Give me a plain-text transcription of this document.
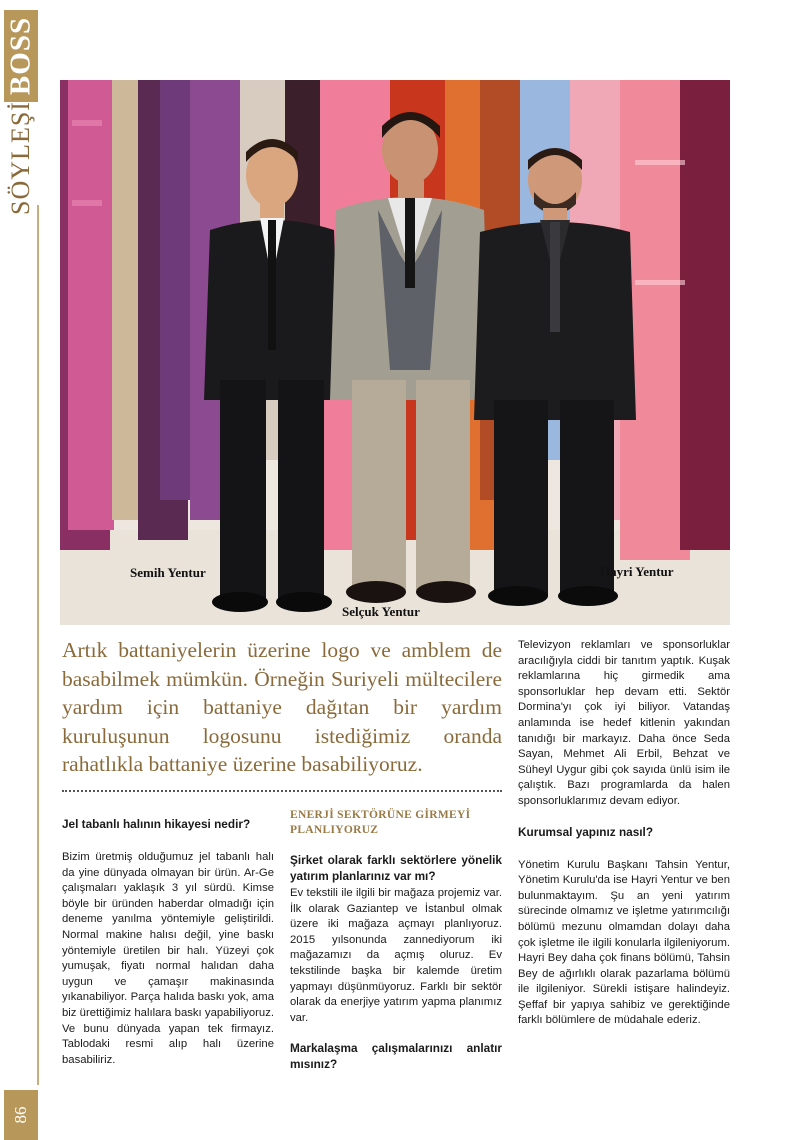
BOSS
SÖYLEŞİ
86
Semih Yentur
Selçuk Yentur
Hayri Yentur
Artık battaniyelerin üzerine logo ve amblem de basabilmek mümkün. Örneğin Suriyeli mültecilere yardım için battaniye dağıtan bir yardım kuruluşunun logosunu istediğimiz oranda rahatlıkla battaniye üzerine basabiliyoruz.

Jel tabanlı halının hikayesi nedir?

Bizim üretmiş olduğumuz jel tabanlı halı da yine dünyada olmayan bir ürün. Ar-Ge çalışmaları yaklaşık 3 yıl sürdü. Kimse böyle bir üründen haberdar olmadığı için deneme yanılma yöntemiyle geliştirildi. Normal makine halısı değil, yine baskı yöntemiyle üretilen bir halı. Yüzeyi çok yumuşak, fiyatı normal halıdan daha uygun ve çamaşır makinasında yıkanabiliyor. Parça halıda baskı yok, ama biz ürettiğimiz halılara baskı yapabiliyoruz. Ve bunu dünyada yapan tek firmayız. Tablodaki resmi alıp halı üzerine basabiliriz.

ENERJİ SEKTÖRÜNE GİRMEYİ PLANLIYORUZ

Şirket olarak farklı sektörlere yönelik yatırım planlarınız var mı?

Ev tekstili ile ilgili bir mağaza projemiz var. İlk olarak Gaziantep ve İstanbul olmak üzere iki mağaza açmayı planlıyoruz. 2015 yılsonunda zannediyorum iki mağazamızı da açmış oluruz. Ev tekstilinde başka bir kalemde üretim yapmayı düşünmüyoruz. Farklı bir sektör olarak da enerjiye yatırım yapma planımız var.

Markalaşma çalışmalarınızı anlatır mısınız?

Televizyon reklamları ve sponsorluklar aracılığıyla ciddi bir tanıtım yaptık. Kuşak reklamlarına hiç girmedik ama sponsorluklar hep devam etti. Sektör Dormina'yı çok iyi biliyor. Vatandaş anlamında ise hedef kitlenin yakından tanıdığı bir markayız. Daha önce Seda Sayan, Mehmet Ali Erbil, Behzat ve Süheyl Uygur gibi çok sayıda ünlü isim ile çalıştık. Bazı programlarda da halen sponsorluklarımız devam ediyor.

Kurumsal yapınız nasıl?

Yönetim Kurulu Başkanı Tahsin Yentur, Yönetim Kurulu'da ise Hayri Yentur ve ben bulunmaktayım. Şu an yeni yatırım sürecinde olmamız ve işletme yatırımcılığı bölümü mezunu olmamdan dolayı daha çok işletme ile ilgili konularla ilgileniyorum. Hayri Bey daha çok finans bölümü, Tahsin Bey de ağırlıklı olarak pazarlama bölümü ile ilgileniyor. Sürekli istişare halindeyiz. Şeffaf bir yapıya sahibiz ve gerektiğinde farklı bölümlere de müdahale ederiz.
